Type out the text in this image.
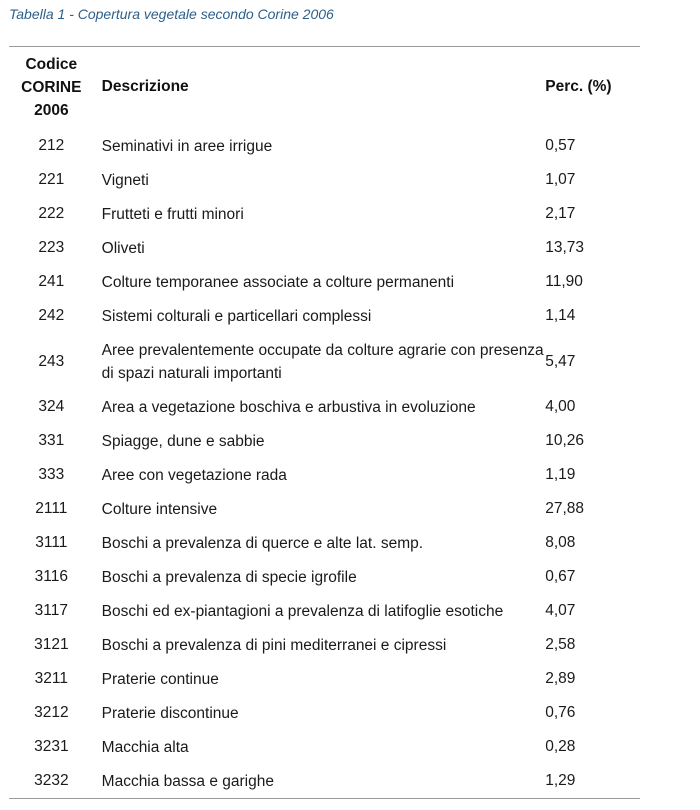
Tabella 1 - Copertura vegetale secondo Corine 2006
Codice
CORINE
2006	Descrizione	Perc. (%)
212	Seminativi in aree irrigue	0,57
221	Vigneti	1,07
222	Frutteti e frutti minori	2,17
223	Oliveti	13,73
241	Colture temporanee associate a colture permanenti	11,90
242	Sistemi colturali e particellari complessi	1,14
243	Aree prevalentemente occupate da colture agrarie con presenza di spazi naturali importanti	5,47
324	Area a vegetazione boschiva e arbustiva in evoluzione	4,00
331	Spiagge, dune e sabbie	10,26
333	Aree con vegetazione rada	1,19
2111	Colture intensive	27,88
3111	Boschi a prevalenza di querce e alte lat. semp.	8,08
3116	Boschi a prevalenza di specie igrofile	0,67
3117	Boschi ed ex-piantagioni a prevalenza di latifoglie esotiche	4,07
3121	Boschi a prevalenza di pini mediterranei e cipressi	2,58
3211	Praterie continue	2,89
3212	Praterie discontinue	0,76
3231	Macchia alta	0,28
3232	Macchia bassa e garighe	1,29
